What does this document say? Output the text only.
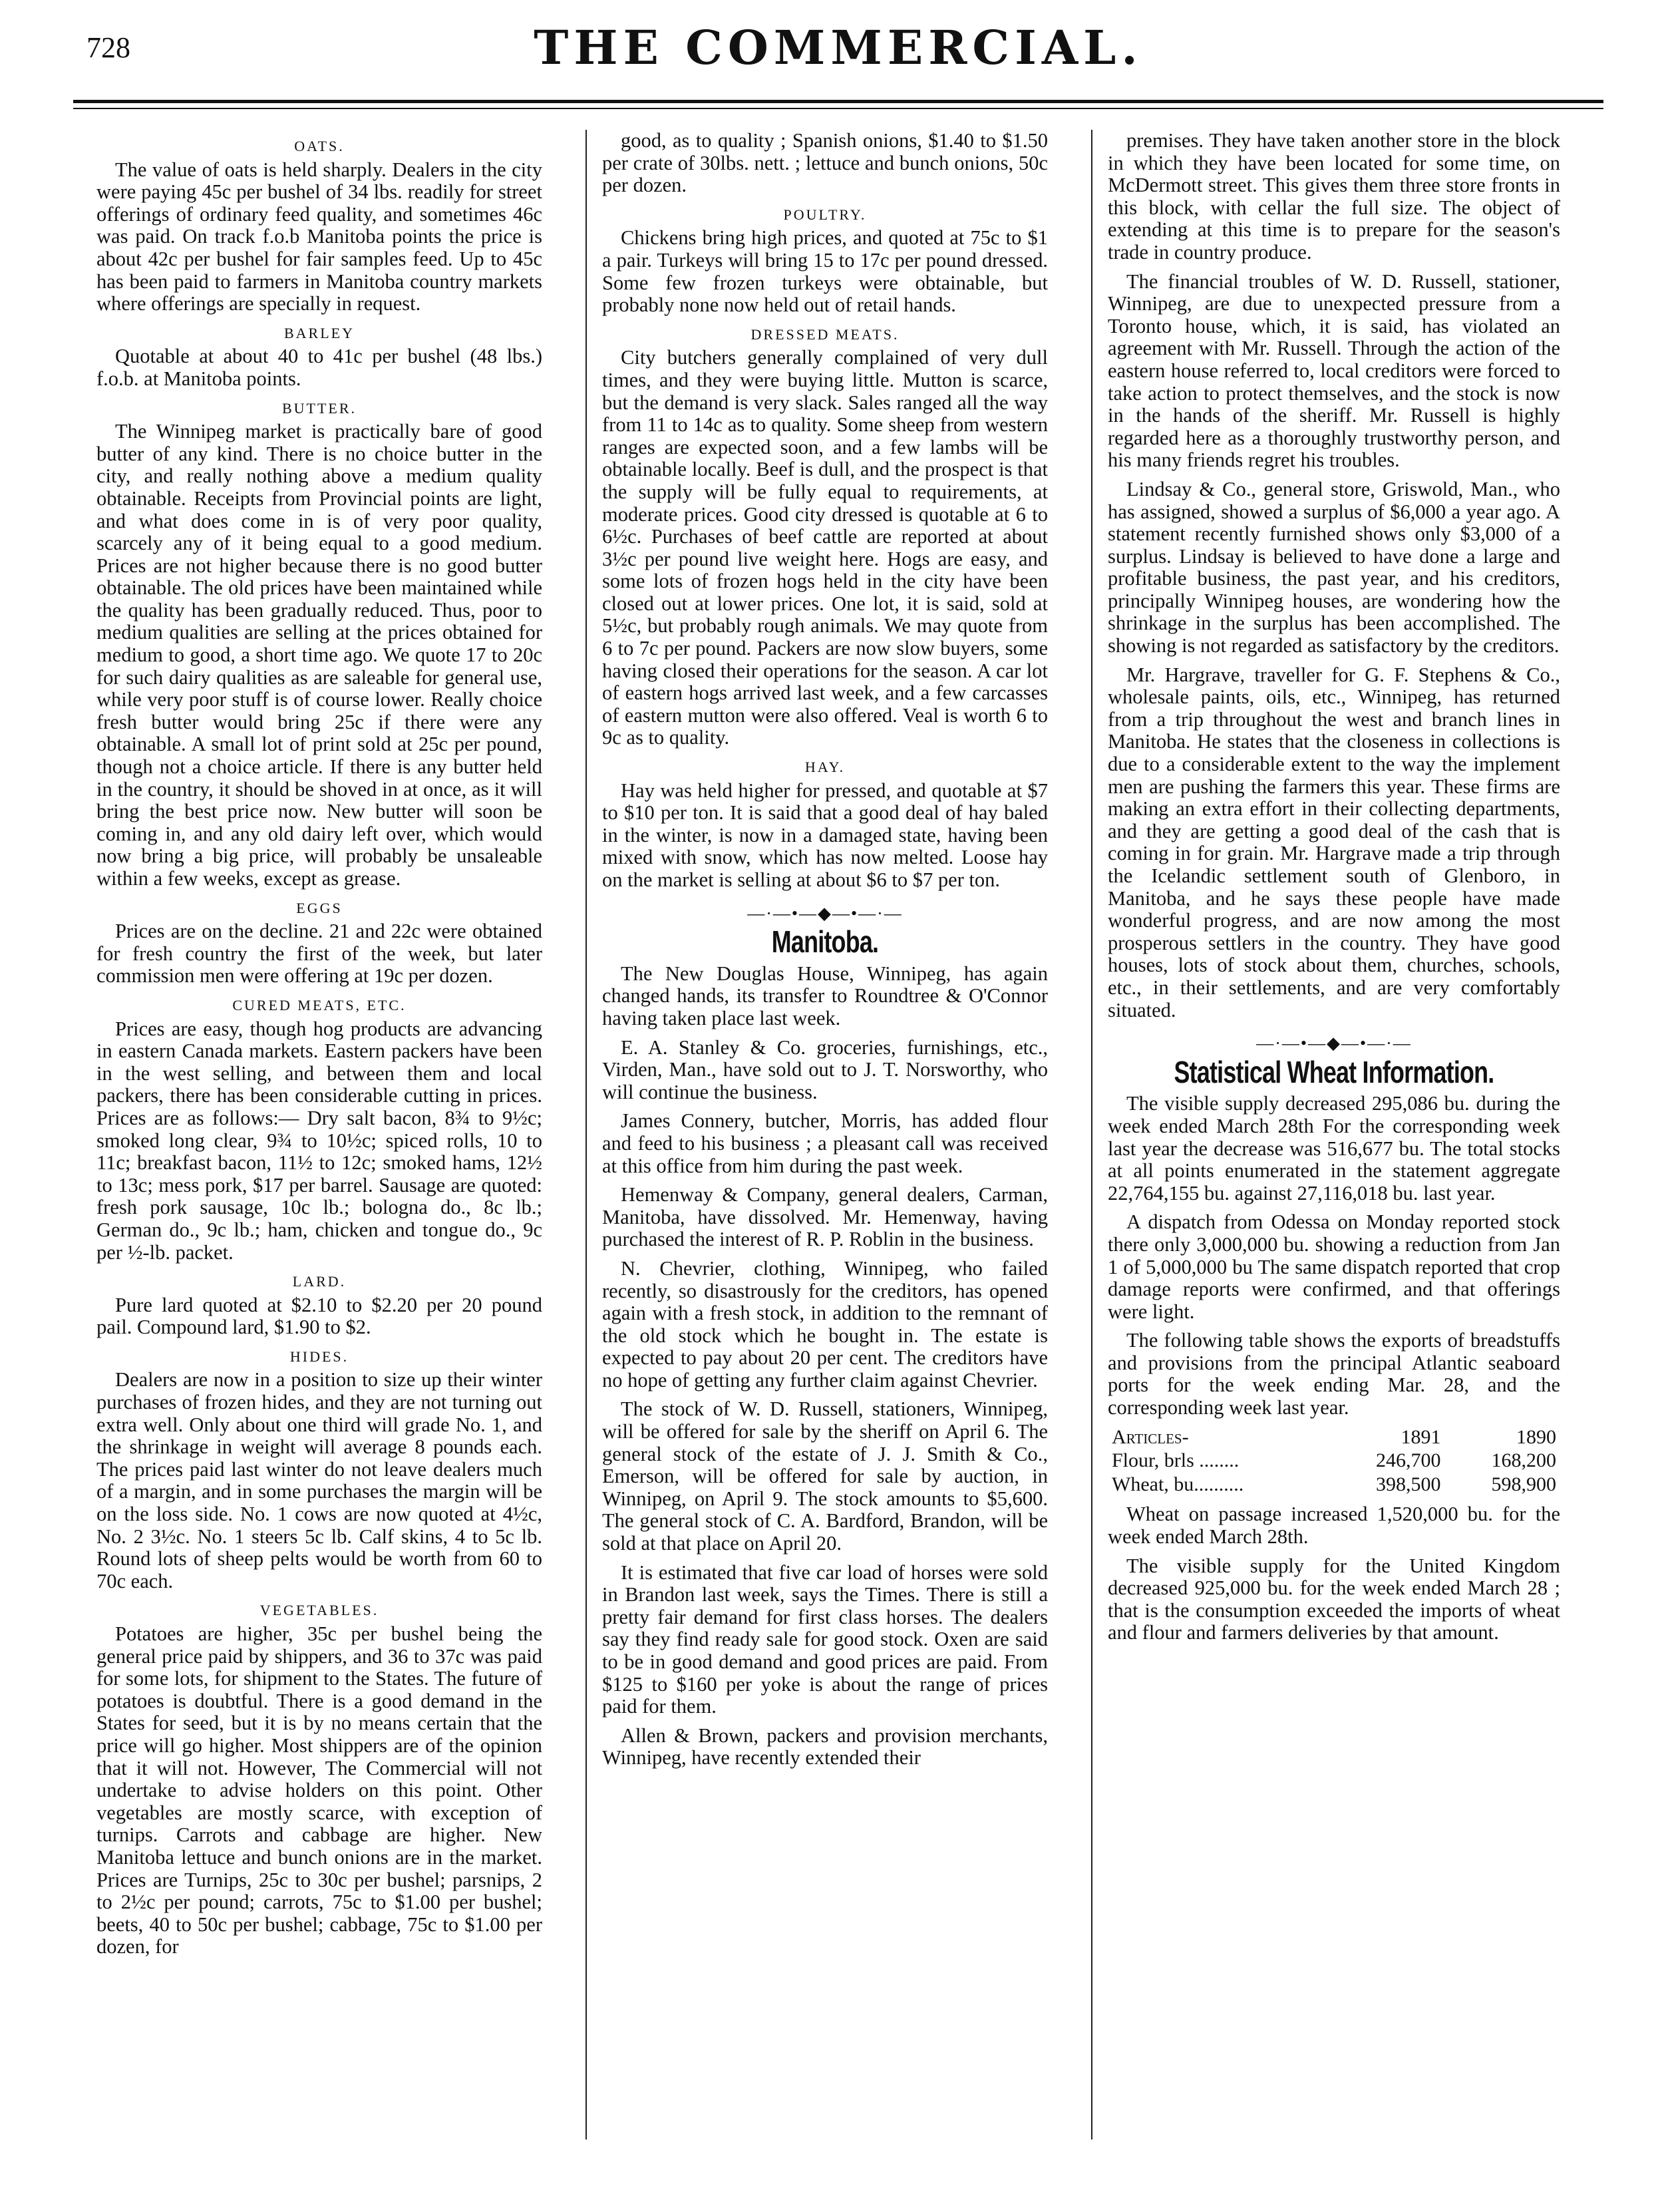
728	THE COMMERCIAL.
OATS.

The value of oats is held sharply. Dealers in the city were paying 45c per bushel of 34 lbs. readily for street offerings of ordinary feed quality, and sometimes 46c was paid. On track f.o.b Manitoba points the price is about 42c per bushel for fair samples feed. Up to 45c has been paid to farmers in Manitoba country markets where offerings are specially in request.

BARLEY

Quotable at about 40 to 41c per bushel (48 lbs.) f.o.b. at Manitoba points.

BUTTER.

The Winnipeg market is practically bare of good butter of any kind. There is no choice butter in the city, and really nothing above a medium quality obtainable. Receipts from Provincial points are light, and what does come in is of very poor quality, scarcely any of it being equal to a good medium. Prices are not higher because there is no good butter obtainable. The old prices have been maintained while the quality has been gradually reduced. Thus, poor to medium qualities are selling at the prices obtained for medium to good, a short time ago. We quote 17 to 20c for such dairy qualities as are saleable for general use, while very poor stuff is of course lower. Really choice fresh butter would bring 25c if there were any obtainable. A small lot of print sold at 25c per pound, though not a choice article. If there is any butter held in the country, it should be shoved in at once, as it will bring the best price now. New butter will soon be coming in, and any old dairy left over, which would now bring a big price, will probably be unsaleable within a few weeks, except as grease.

EGGS

Prices are on the decline. 21 and 22c were obtained for fresh country the first of the week, but later commission men were offering at 19c per dozen.

CURED MEATS, ETC.

Prices are easy, though hog products are advancing in eastern Canada markets. Eastern packers have been in the west selling, and between them and local packers, there has been considerable cutting in prices. Prices are as follows:— Dry salt bacon, 8¾ to 9½c; smoked long clear, 9¾ to 10½c; spiced rolls, 10 to 11c; breakfast bacon, 11½ to 12c; smoked hams, 12½ to 13c; mess pork, $17 per barrel. Sausage are quoted: fresh pork sausage, 10c lb.; bologna do., 8c lb.; German do., 9c lb.; ham, chicken and tongue do., 9c per ½-lb. packet.

LARD.

Pure lard quoted at $2.10 to $2.20 per 20 pound pail. Compound lard, $1.90 to $2.

HIDES.

Dealers are now in a position to size up their winter purchases of frozen hides, and they are not turning out extra well. Only about one third will grade No. 1, and the shrinkage in weight will average 8 pounds each. The prices paid last winter do not leave dealers much of a margin, and in some purchases the margin will be on the loss side. No. 1 cows are now quoted at 4½c, No. 2 3½c. No. 1 steers 5c lb. Calf skins, 4 to 5c lb. Round lots of sheep pelts would be worth from 60 to 70c each.

VEGETABLES.

Potatoes are higher, 35c per bushel being the general price paid by shippers, and 36 to 37c was paid for some lots, for shipment to the States. The future of potatoes is doubtful. There is a good demand in the States for seed, but it is by no means certain that the price will go higher. Most shippers are of the opinion that it will not. However, The Commercial will not undertake to advise holders on this point. Other vegetables are mostly scarce, with exception of turnips. Carrots and cabbage are higher. New Manitoba lettuce and bunch onions are in the market. Prices are Turnips, 25c to 30c per bushel; parsnips, 2 to 2½c per pound; carrots, 75c to $1.00 per bushel; beets, 40 to 50c per bushel; cabbage, 75c to $1.00 per dozen, for

good, as to quality ; Spanish onions, $1.40 to $1.50 per crate of 30lbs. nett. ; lettuce and bunch onions, 50c per dozen.

POULTRY.

Chickens bring high prices, and quoted at 75c to $1 a pair. Turkeys will bring 15 to 17c per pound dressed. Some few frozen turkeys were obtainable, but probably none now held out of retail hands.

DRESSED MEATS.

City butchers generally complained of very dull times, and they were buying little. Mutton is scarce, but the demand is very slack. Sales ranged all the way from 11 to 14c as to quality. Some sheep from western ranges are expected soon, and a few lambs will be obtainable locally. Beef is dull, and the prospect is that the supply will be fully equal to requirements, at moderate prices. Good city dressed is quotable at 6 to 6½c. Purchases of beef cattle are reported at about 3½c per pound live weight here. Hogs are easy, and some lots of frozen hogs held in the city have been closed out at lower prices. One lot, it is said, sold at 5½c, but probably rough animals. We may quote from 6 to 7c per pound. Packers are now slow buyers, some having closed their operations for the season. A car lot of eastern hogs arrived last week, and a few carcasses of eastern mutton were also offered. Veal is worth 6 to 9c as to quality.

HAY.

Hay was held higher for pressed, and quotable at $7 to $10 per ton. It is said that a good deal of hay baled in the winter, is now in a damaged state, having been mixed with snow, which has now melted. Loose hay on the market is selling at about $6 to $7 per ton.

—·—•—◆—•—·—
Manitoba.

The New Douglas House, Winnipeg, has again changed hands, its transfer to Roundtree & O'Connor having taken place last week.

E. A. Stanley & Co. groceries, furnishings, etc., Virden, Man., have sold out to J. T. Norsworthy, who will continue the business.

James Connery, butcher, Morris, has added flour and feed to his business ; a pleasant call was received at this office from him during the past week.

Hemenway & Company, general dealers, Carman, Manitoba, have dissolved. Mr. Hemenway, having purchased the interest of R. P. Roblin in the business.

N. Chevrier, clothing, Winnipeg, who failed recently, so disastrously for the creditors, has opened again with a fresh stock, in addition to the remnant of the old stock which he bought in. The estate is expected to pay about 20 per cent. The creditors have no hope of getting any further claim against Chevrier.

The stock of W. D. Russell, stationers, Winnipeg, will be offered for sale by the sheriff on April 6. The general stock of the estate of J. J. Smith & Co., Emerson, will be offered for sale by auction, in Winnipeg, on April 9. The stock amounts to $5,600. The general stock of C. A. Bardford, Brandon, will be sold at that place on April 20.

It is estimated that five car load of horses were sold in Brandon last week, says the Times. There is still a pretty fair demand for first class horses. The dealers say they find ready sale for good stock. Oxen are said to be in good demand and good prices are paid. From $125 to $160 per yoke is about the range of prices paid for them.

Allen & Brown, packers and provision merchants, Winnipeg, have recently extended their

premises. They have taken another store in the block in which they have been located for some time, on McDermott street. This gives them three store fronts in this block, with cellar the full size. The object of extending at this time is to prepare for the season's trade in country produce.

The financial troubles of W. D. Russell, stationer, Winnipeg, are due to unexpected pressure from a Toronto house, which, it is said, has violated an agreement with Mr. Russell. Through the action of the eastern house referred to, local creditors were forced to take action to protect themselves, and the stock is now in the hands of the sheriff. Mr. Russell is highly regarded here as a thoroughly trustworthy person, and his many friends regret his troubles.

Lindsay & Co., general store, Griswold, Man., who has assigned, showed a surplus of $6,000 a year ago. A statement recently furnished shows only $3,000 of a surplus. Lindsay is believed to have done a large and profitable business, the past year, and his creditors, principally Winnipeg houses, are wondering how the shrinkage in the surplus has been accomplished. The showing is not regarded as satisfactory by the creditors.

Mr. Hargrave, traveller for G. F. Stephens & Co., wholesale paints, oils, etc., Winnipeg, has returned from a trip throughout the west and branch lines in Manitoba. He states that the closeness in collections is due to a considerable extent to the way the implement men are pushing the farmers this year. These firms are making an extra effort in their collecting departments, and they are getting a good deal of the cash that is coming in for grain. Mr. Hargrave made a trip through the Icelandic settlement south of Glenboro, in Manitoba, and he says these people have made wonderful progress, and are now among the most prosperous settlers in the country. They have good houses, lots of stock about them, churches, schools, etc., in their settlements, and are very comfortably situated.

—·—•—◆—•—·—
Statistical Wheat Information.

The visible supply decreased 295,086 bu. during the week ended March 28th For the corresponding week last year the decrease was 516,677 bu. The total stocks at all points enumerated in the statement aggregate 22,764,155 bu. against 27,116,018 bu. last year.

A dispatch from Odessa on Monday reported stock there only 3,000,000 bu. showing a reduction from Jan 1 of 5,000,000 bu The same dispatch reported that crop damage reports were confirmed, and that offerings were light.

The following table shows the exports of breadstuffs and provisions from the principal Atlantic seaboard ports for the week ending Mar. 28, and the corresponding week last year.

Articles-	1891	1890
Flour, brls ........	246,700	168,200
Wheat, bu..........	398,500	598,900

Wheat on passage increased 1,520,000 bu. for the week ended March 28th.

The visible supply for the United Kingdom decreased 925,000 bu. for the week ended March 28 ; that is the consumption exceeded the imports of wheat and flour and farmers deliveries by that amount.
